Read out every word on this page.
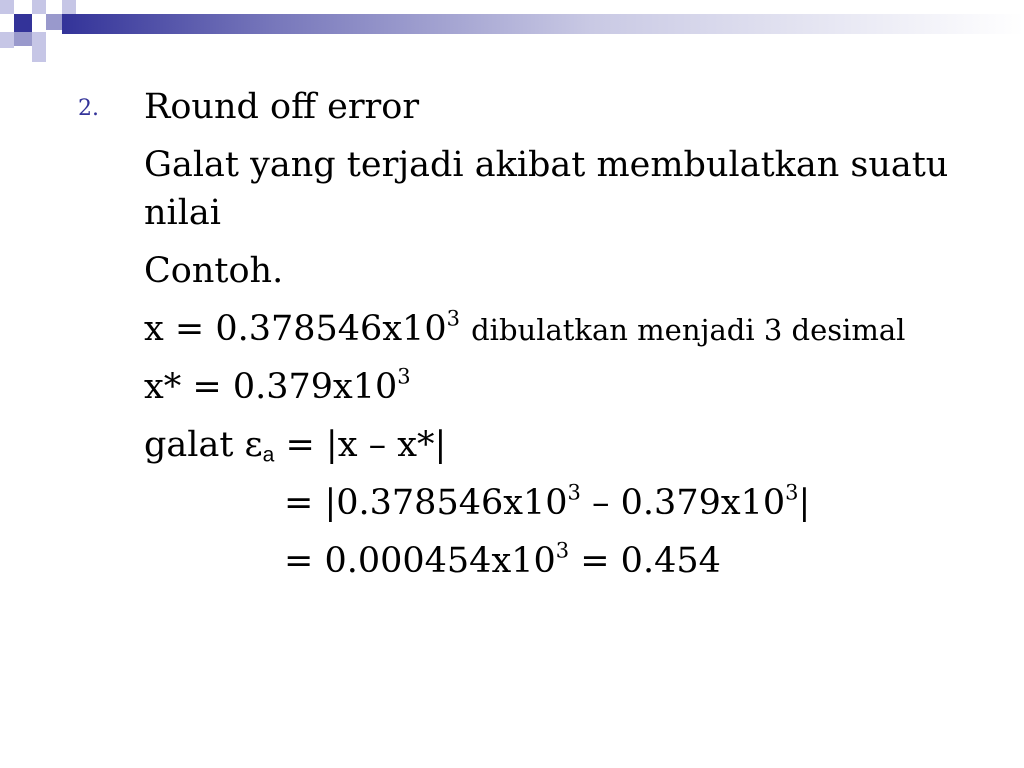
2. Round off error
Galat yang terjadi akibat membulatkan suatu
nilai
Contoh.
$x = 0.378546x10^3$ dibulatkan menjadi 3 desimal
$x* = 0.379x10^3$
galat $\varepsilon_a = |x - x*|$
= $|0.378546x10^3 - 0.379x10^3|$
= $0.000454x10^3 = 0.454$
